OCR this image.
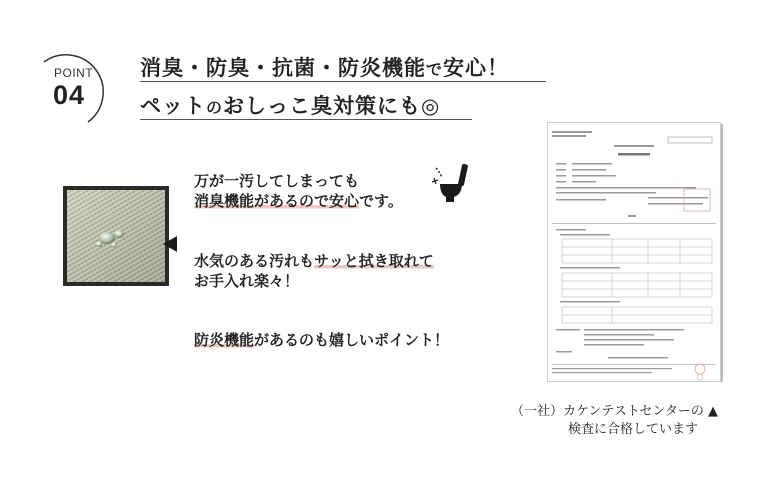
POINT
04
消臭・防臭・抗菌・防炎機能で安心！
ペットのおしっこ臭対策にも◎
万が一汚してしまっても
消臭機能があるので安心です。
水気のある汚れもサッと拭き取れて
お手入れ楽々！
防炎機能があるのも嬉しいポイント！
（一社）カケンテストセンターの ▲
検査に合格しています
